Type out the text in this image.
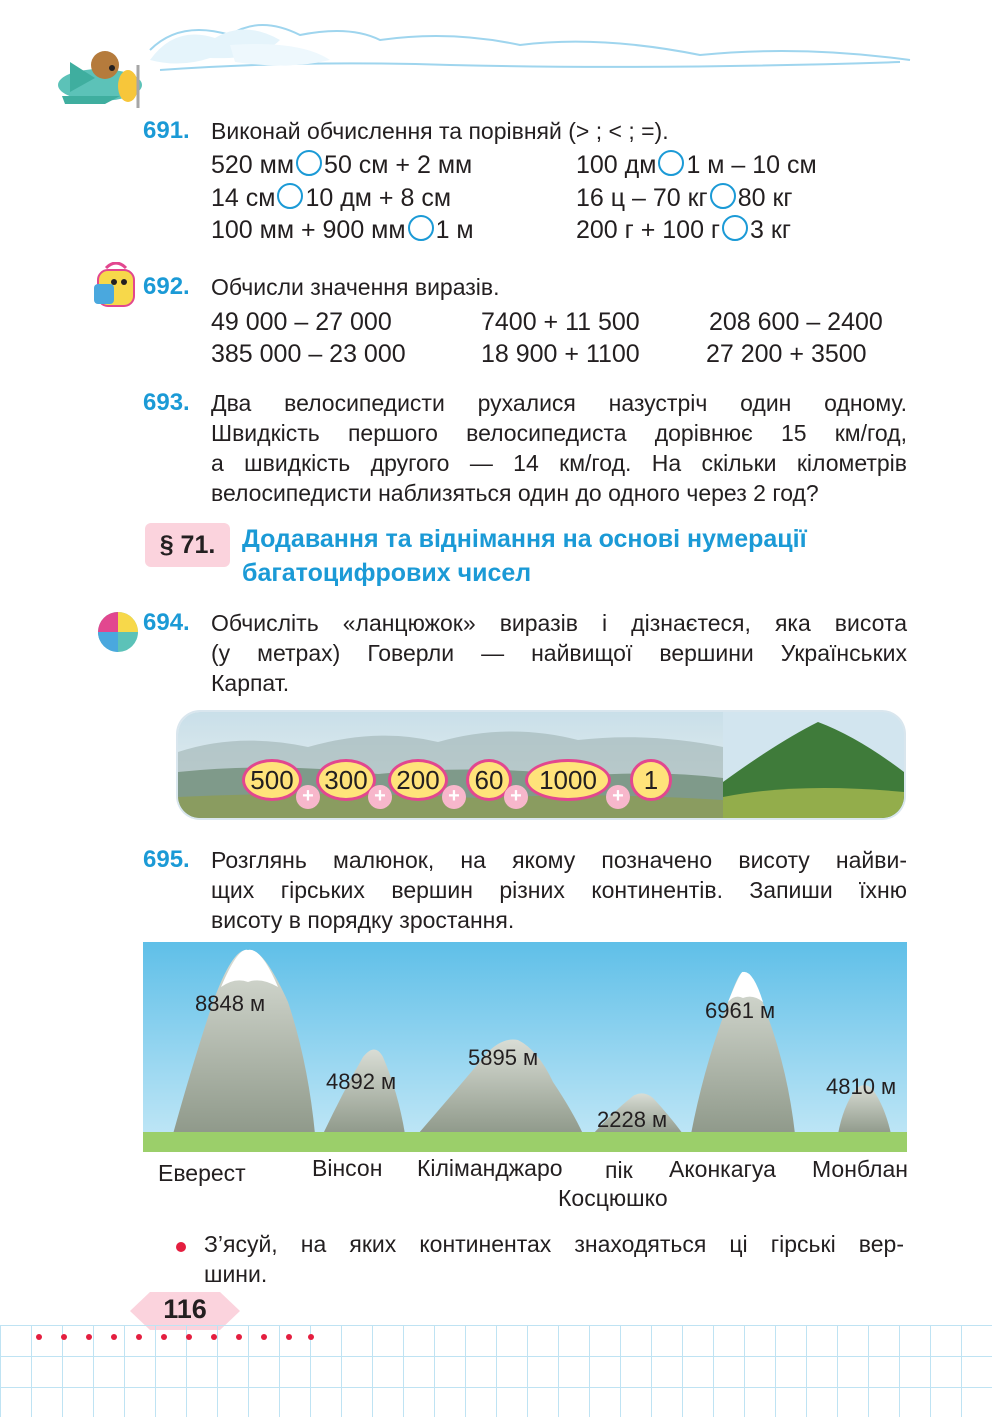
691. Виконай обчислення та порівняй (> ; < ; =).
520 мм 50 см + 2 мм	100 дм 1 м – 10 см
14 см 10 дм + 8 см	16 ц – 70 кг 80 кг
100 мм + 900 мм 1 м	200 г + 100 г 3 кг
692. Обчисли значення виразів.
49 000 – 27 000	7400 + 11 500	208 600 – 2400
385 000 – 23 000	18 900 + 1100	27 200 + 3500
693. Два велосипедисти рухалися назустріч один одному.
Швидкість першого велосипедиста дорівнює 15 км/год,
а швидкість другого — 14 км/год. На скільки кілометрів
велосипедисти наблизяться один до одного через 2 год?
§ 71.	Додавання та віднімання на основі нумерації
багатоцифрових чисел
694. Обчисліть «ланцюжок» виразів і дізнаєтеся, яка висота
(у метрах) Говерли — найвищої вершини Українських
Карпат.
500
+
300
+
200
+
60
+
1000
+
1
695. Розглянь малюнок, на якому позначено висоту найви-
щих гірських вершин різних континентів. Запиши їхню
висоту в порядку зростання.
8848 м
4892 м
5895 м
2228 м
6961 м
4810 м
Еверест	Вінсон Кіліманджаро пік
Косцюшко
Аконкагуа Монблан
З’ясуй, на яких континентах знаходяться ці гірські вер-
шини.
116
